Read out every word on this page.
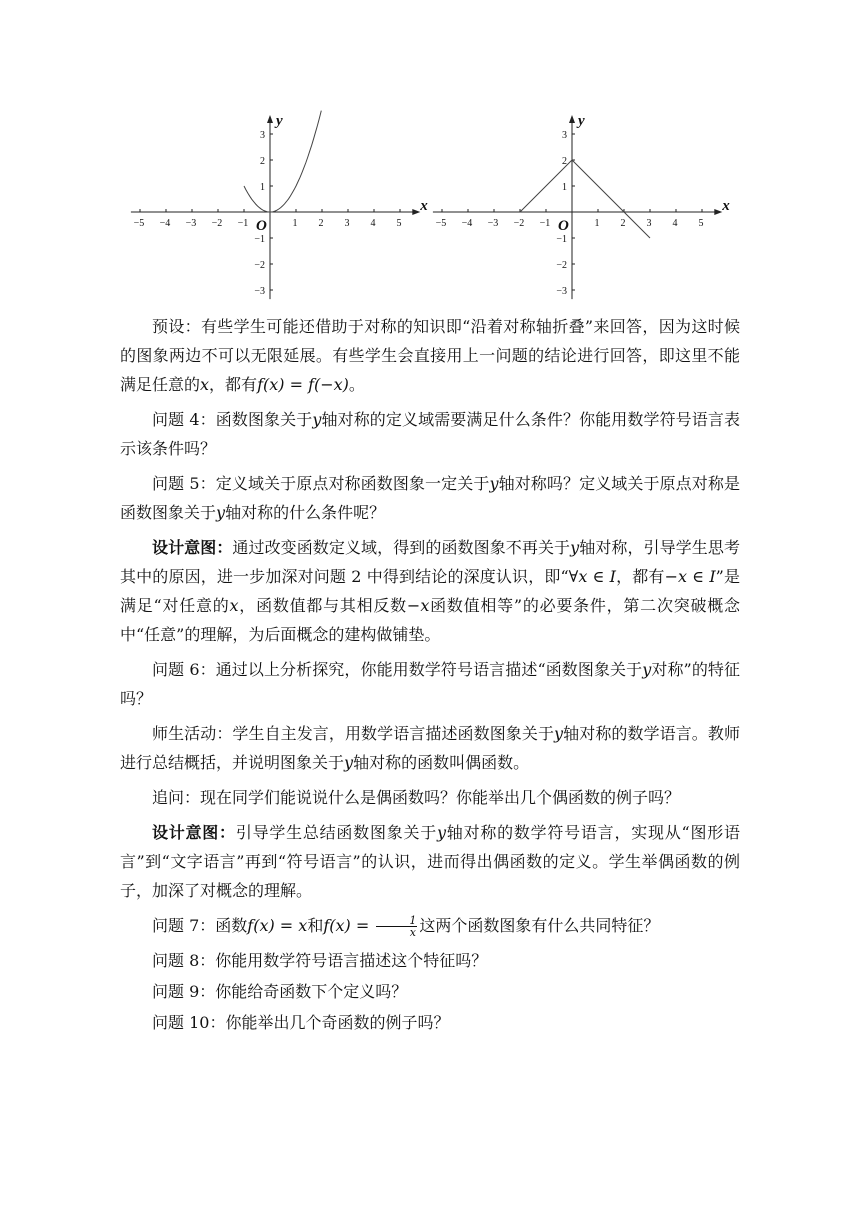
−5 −4 −3 −2 −1	1 2 3 4 5
3
2
1
−1
−2
−3
x
y
O	−5 −4 −3 −2 −1	1 2 3 4 5
3
2
1
−1
−2
−3
x
y
O

预设：有些学生可能还借助于对称的知识即“沿着对称轴折叠”来回答，因为这时候的图象两边不可以无限延展。有些学生会直接用上一问题的结论进行回答，即这里不能满足任意的x，都有f(x) = f(−x)。

问题 4：函数图象关于y轴对称的定义域需要满足什么条件？你能用数学符号语言表示该条件吗？

问题 5：定义域关于原点对称函数图象一定关于y轴对称吗？定义域关于原点对称是函数图象关于y轴对称的什么条件呢？

设计意图：通过改变函数定义域，得到的函数图象不再关于y轴对称，引导学生思考其中的原因，进一步加深对问题 2 中得到结论的深度认识，即“∀x ∈ I，都有−x ∈ I”是满足“对任意的x，函数值都与其相反数−x函数值相等”的必要条件，第二次突破概念中“任意”的理解，为后面概念的建构做铺垫。

问题 6：通过以上分析探究，你能用数学符号语言描述“函数图象关于y对称”的特征吗？

师生活动：学生自主发言，用数学语言描述函数图象关于y轴对称的数学语言。教师进行总结概括，并说明图象关于y轴对称的函数叫偶函数。

追问：现在同学们能说说什么是偶函数吗？你能举出几个偶函数的例子吗？

设计意图：引导学生总结函数图象关于y轴对称的数学符号语言，实现从“图形语言”到“文字语言”再到“符号语言”的认识，进而得出偶函数的定义。学生举偶函数的例子，加深了对概念的理解。

问题 7：函数f(x) = x和$f(x) = \frac{1}{x}$ 这两个函数图象有什么共同特征？

问题 8：你能用数学符号语言描述这个特征吗？

问题 9：你能给奇函数下个定义吗？

问题 10：你能举出几个奇函数的例子吗？
